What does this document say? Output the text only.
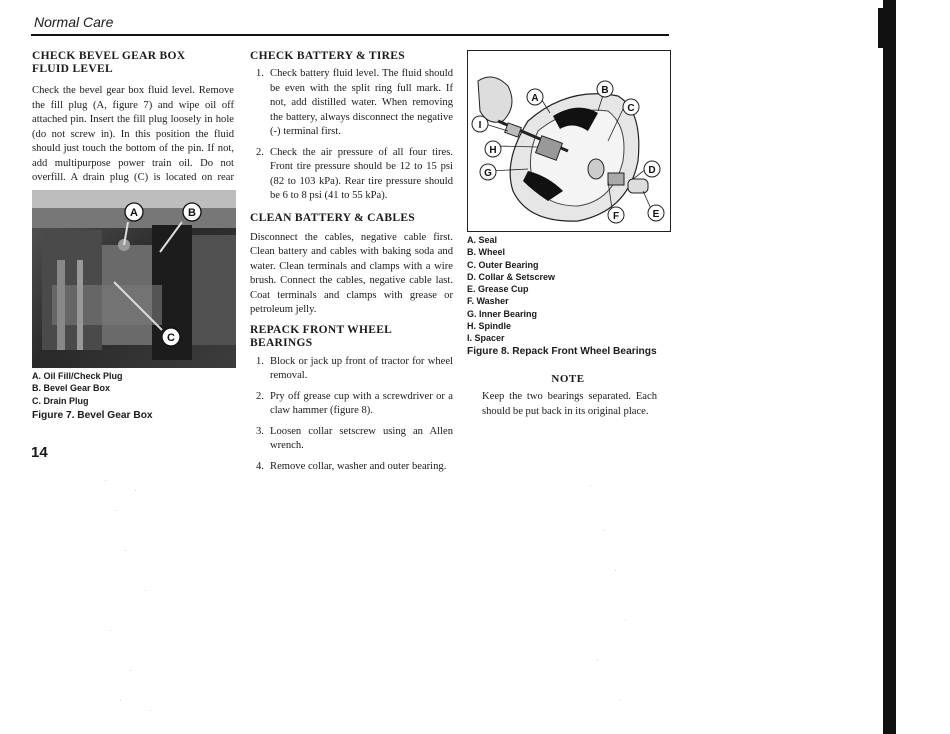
Normal Care
CHECK BEVEL GEAR BOX
FLUID LEVEL

Check the bevel gear box fluid level. Remove the fill plug (A, figure 7) and wipe oil off attached pin. Insert the fill plug loosely in hole (do not screw in). In this position the fluid should just touch the bottom of the pin. If not, add multipurpose power train oil. Do not overfill. A drain plug (C) is located on rear

A	B
C
A. Oil Fill/Check Plug
B. Bevel Gear Box
C. Drain Plug
Figure 7. Bevel Gear Box
CHECK BATTERY & TIRES
1. Check battery fluid level. The fluid should be even with the split ring full mark. If not, add distilled water. When removing the battery, always disconnect the negative (-) terminal first.
2. Check the air pressure of all four tires. Front tire pressure should be 12 to 15 psi (82 to 103 kPa). Rear tire pressure should be 6 to 8 psi (41 to 55 kPa).
CLEAN BATTERY & CABLES

Disconnect the cables, negative cable first. Clean battery and cables with baking soda and water. Clean terminals and clamps with a wire brush. Connect the cables, negative cable last. Coat terminals and clamps with grease or petroleum jelly.

REPACK FRONT WHEEL BEARINGS
1. Block or jack up front of tractor for wheel removal.
2. Pry off grease cup with a screwdriver or a claw hammer (figure 8).
3. Loosen collar setscrew using an Allen wrench.
4. Remove collar, washer and outer bearing.
A
B
C
D
E
F
G
H
I
A. Seal
B. Wheel
C. Outer Bearing
D. Collar & Setscrew
E. Grease Cup
F. Washer
G. Inner Bearing
H. Spindle
I. Spacer
Figure 8. Repack Front Wheel Bearings
NOTE

Keep the two bearings separated. Each should be put back in its original place.

14
